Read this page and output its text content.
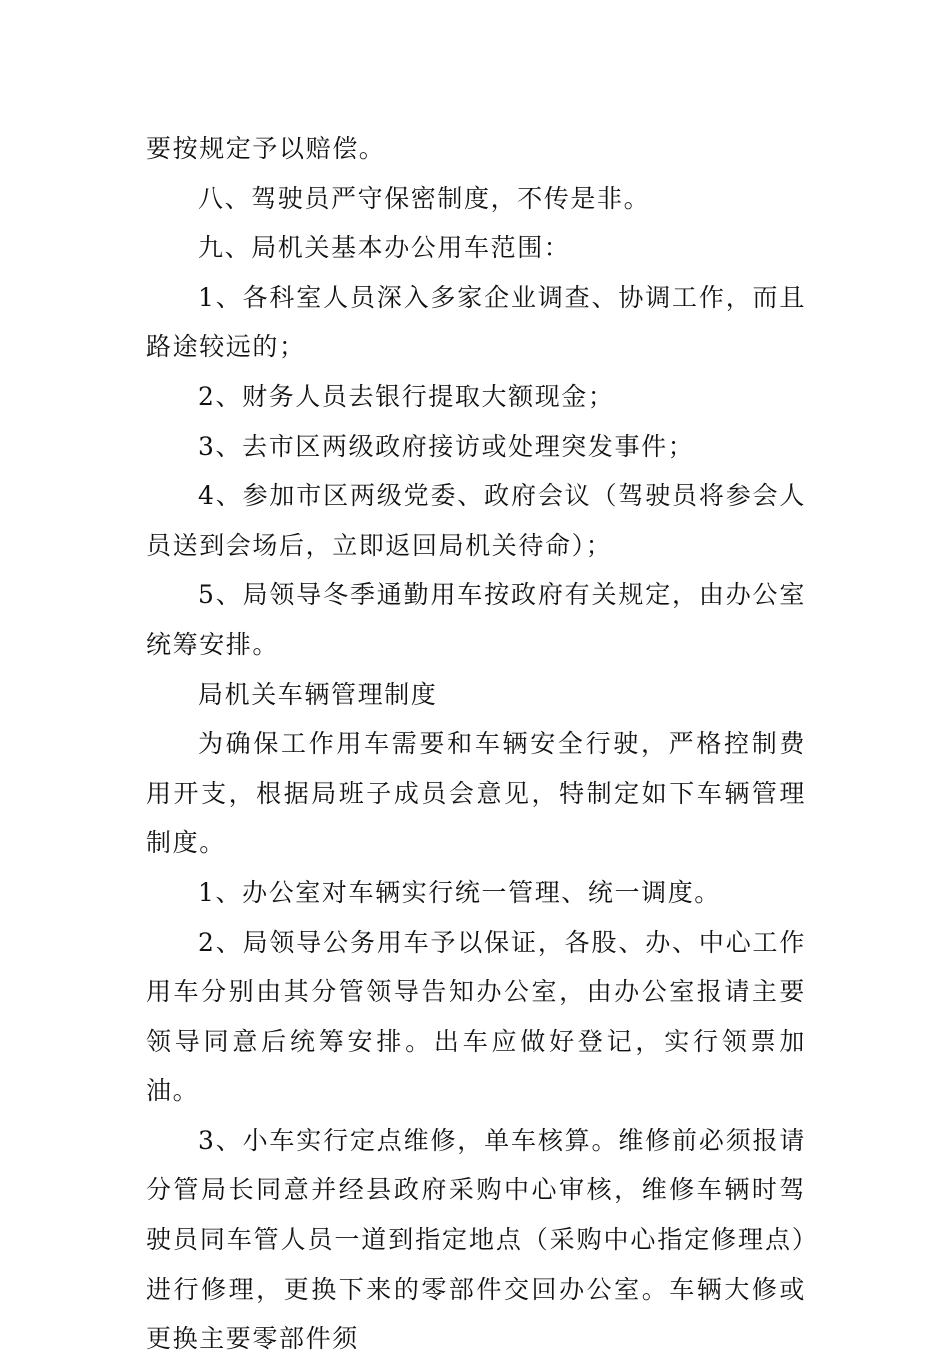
要按规定予以赔偿。

八、驾驶员严守保密制度，不传是非。

九、局机关基本办公用车范围：

1、各科室人员深入多家企业调查、协调工作，而且路途较远的；

2、财务人员去银行提取大额现金；

3、去市区两级政府接访或处理突发事件；

4、参加市区两级党委、政府会议（驾驶员将参会人员送到会场后，立即返回局机关待命）；

5、局领导冬季通勤用车按政府有关规定，由办公室统筹安排。

局机关车辆管理制度

为确保工作用车需要和车辆安全行驶，严格控制费用开支，根据局班子成员会意见，特制定如下车辆管理制度。

1、办公室对车辆实行统一管理、统一调度。

2、局领导公务用车予以保证，各股、办、中心工作用车分别由其分管领导告知办公室，由办公室报请主要领导同意后统筹安排。出车应做好登记，实行领票加油。

3、小车实行定点维修，单车核算。维修前必须报请分管局长同意并经县政府采购中心审核，维修车辆时驾驶员同车管人员一道到指定地点（采购中心指定修理点）进行修理，更换下来的零部件交回办公室。车辆大修或更换主要零部件须
